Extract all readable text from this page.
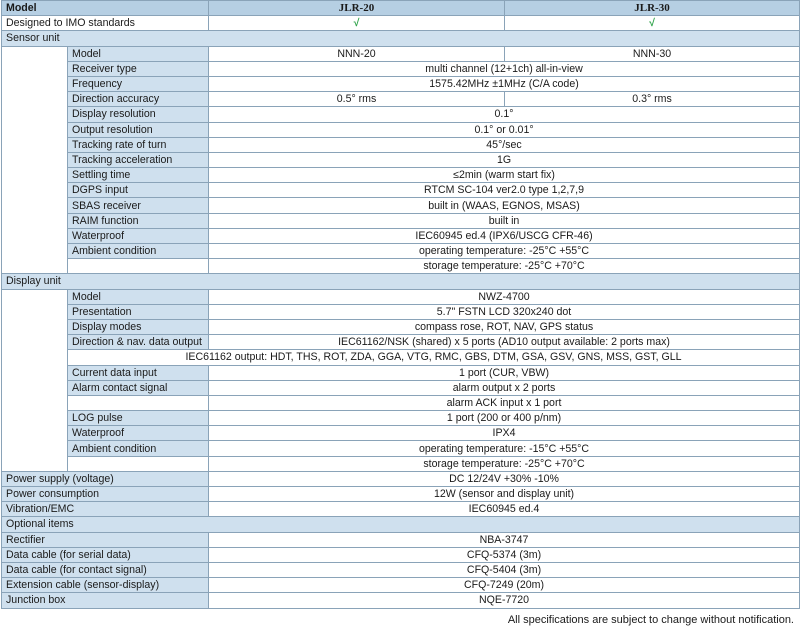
Model		JLR-20	JLR-30
Designed to IMO standards		√	√
Sensor unit			
	Model	NNN-20	NNN-30
	Receiver type	multi channel (12+1ch) all-in-view	
	Frequency	1575.42MHz ±1MHz (C/A code)	
	Direction accuracy	0.5° rms	0.3° rms
	Display resolution	0.1°	
	Output resolution	0.1° or 0.01°	
	Tracking rate of turn	45°/sec	
	Tracking acceleration	1G	
	Settling time	≤2min (warm start fix)	
	DGPS input	RTCM SC-104 ver2.0 type 1,2,7,9	
	SBAS receiver	built in (WAAS, EGNOS, MSAS)	
	RAIM function	built in	
	Waterproof	IEC60945 ed.4 (IPX6/USCG CFR-46)	
	Ambient condition	operating temperature: -25°C +55°C	
		storage temperature: -25°C +70°C	
Display unit			
	Model	NWZ-4700	
	Presentation	5.7" FSTN LCD 320x240 dot	
	Display modes	compass rose, ROT, NAV, GPS status	
	Direction & nav. data output	IEC61162/NSK (shared) x 5 ports (AD10 output available: 2 ports max)	
	IEC61162 output: HDT, THS, ROT, ZDA, GGA, VTG, RMC, GBS, DTM, GSA, GSV, GNS, MSS, GST, GLL		
	Current data input	1 port (CUR, VBW)	
	Alarm contact signal	alarm output x 2 ports	
		alarm ACK input x 1 port	
	LOG pulse	1 port (200 or 400 p/nm)	
	Waterproof	IPX4	
	Ambient condition	operating temperature: -15°C +55°C	
		storage temperature: -25°C +70°C	
Power supply (voltage)		DC 12/24V +30% -10%	
Power consumption		12W (sensor and display unit)	
Vibration/EMC		IEC60945 ed.4	
Optional items			
Rectifier		NBA-3747	
Data cable (for serial data)		CFQ-5374 (3m)	
Data cable (for contact signal)		CFQ-5404 (3m)	
Extension cable (sensor-display)		CFQ-7249 (20m)	
Junction box		NQE-7720	
All specifications are subject to change without notification.
